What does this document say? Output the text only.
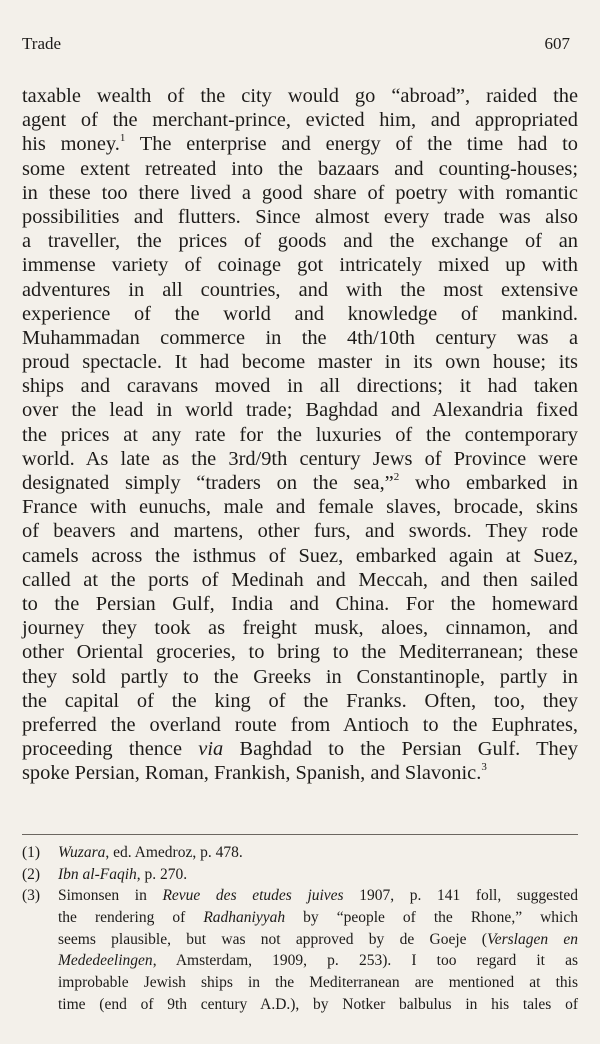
Trade	607
taxable wealth of the city would go “abroad”, raided the
agent of the merchant-prince, evicted him, and appropriated
his money.$^1$ The enterprise and energy of the time had to
some extent retreated into the bazaars and counting-houses;
in these too there lived a good share of poetry with romantic
possibilities and flutters. Since almost every trade was also
a traveller, the prices of goods and the exchange of an
immense variety of coinage got intricately mixed up with
adventures in all countries, and with the most extensive
experience of the world and knowledge of mankind.
Muhammadan commerce in the 4th/10th century was a
proud spectacle. It had become master in its own house; its
ships and caravans moved in all directions; it had taken
over the lead in world trade; Baghdad and Alexandria fixed
the prices at any rate for the luxuries of the contemporary
world. As late as the 3rd/9th century Jews of Province were
designated simply “traders on the sea,”$^2$ who embarked in
France with eunuchs, male and female slaves, brocade, skins
of beavers and martens, other furs, and swords. They rode
camels across the isthmus of Suez, embarked again at Suez,
called at the ports of Medinah and Meccah, and then sailed
to the Persian Gulf, India and China. For the homeward
journey they took as freight musk, aloes, cinnamon, and
other Oriental groceries, to bring to the Mediterranean; these
they sold partly to the Greeks in Constantinople, partly in
the capital of the king of the Franks. Often, too, they
preferred the overland route from Antioch to the Euphrates,
proceeding thence via Baghdad to the Persian Gulf. They
spoke Persian, Roman, Frankish, Spanish, and Slavonic.$^3$
(1) Wuzara, ed. Amedroz, p. 478.
(2) Ibn al-Faqih, p. 270.
(3) Simonsen in Revue des etudes juives 1907, p. 141 foll, suggested
the rendering of Radhaniyyah by “people of the Rhone,” which
seems plausible, but was not approved by de Goeje (Verslagen en
Mededeelingen, Amsterdam, 1909, p. 253). I too regard it as
improbable Jewish ships in the Mediterranean are mentioned at this
time (end of 9th century A.D.), by Notker balbulus in his tales of
